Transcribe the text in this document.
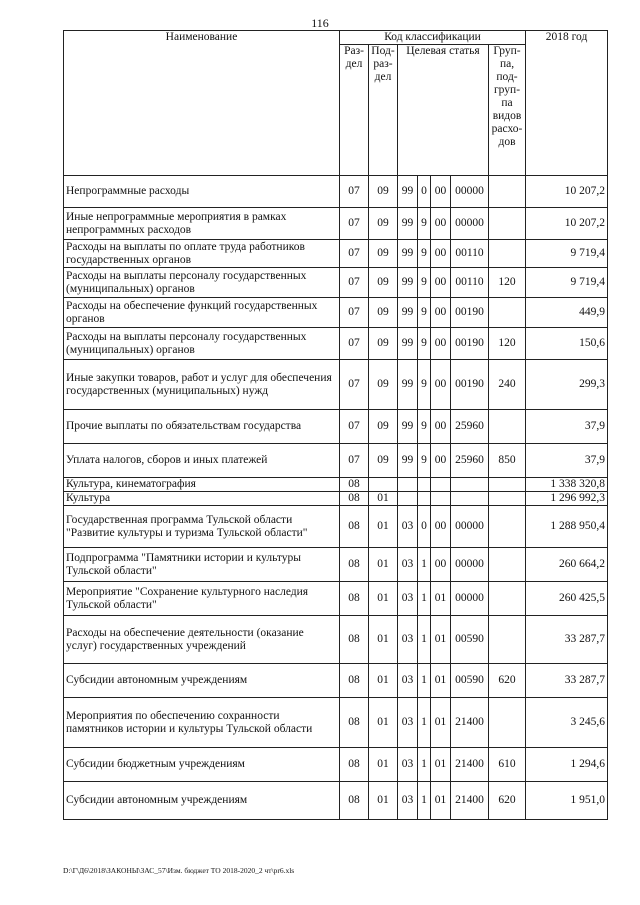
116
Наименование	Код классификации							2018 год
	Раз-дел	Под-раз-дел	Целевая статья				Груп-па, под-груп-па видов расхо-дов	
Непрограммные расходы	07	09	99	0	00	00000		10 207,2
Иные непрограммные мероприятия в рамках непрограммных расходов	07	09	99	9	00	00000		10 207,2
Расходы на выплаты по оплате труда работников государственных органов	07	09	99	9	00	00110		9 719,4
Расходы на выплаты персоналу государственных (муниципальных) органов	07	09	99	9	00	00110	120	9 719,4
Расходы на обеспечение функций государственных органов	07	09	99	9	00	00190		449,9
Расходы на выплаты персоналу государственных (муниципальных) органов	07	09	99	9	00	00190	120	150,6
Иные закупки товаров, работ и услуг для обеспечения государственных (муниципальных) нужд	07	09	99	9	00	00190	240	299,3
Прочие выплаты по обязательствам государства	07	09	99	9	00	25960		37,9
Уплата налогов, сборов и иных платежей	07	09	99	9	00	25960	850	37,9
Культура, кинематография	08							1 338 320,8
Культура	08	01						1 296 992,3
Государственная программа Тульской области "Развитие культуры и туризма Тульской области"	08	01	03	0	00	00000		1 288 950,4
Подпрограмма "Памятники истории и культуры Тульской области"	08	01	03	1	00	00000		260 664,2
Мероприятие "Сохранение культурного наследия Тульской области"	08	01	03	1	01	00000		260 425,5
Расходы на обеспечение деятельности (оказание услуг) государственных учреждений	08	01	03	1	01	00590		33 287,7
Субсидии автономным учреждениям	08	01	03	1	01	00590	620	33 287,7
Мероприятия по обеспечению сохранности памятников истории и культуры Тульской области	08	01	03	1	01	21400		3 245,6
Субсидии бюджетным учреждениям	08	01	03	1	01	21400	610	1 294,6
Субсидии автономным учреждениям	08	01	03	1	01	21400	620	1 951,0
D:\Г\Д6\2018\ЗАКОНЫ\ЗАС_57\Изм. бюджет ТО 2018-2020_2 чт\рr6.xls
